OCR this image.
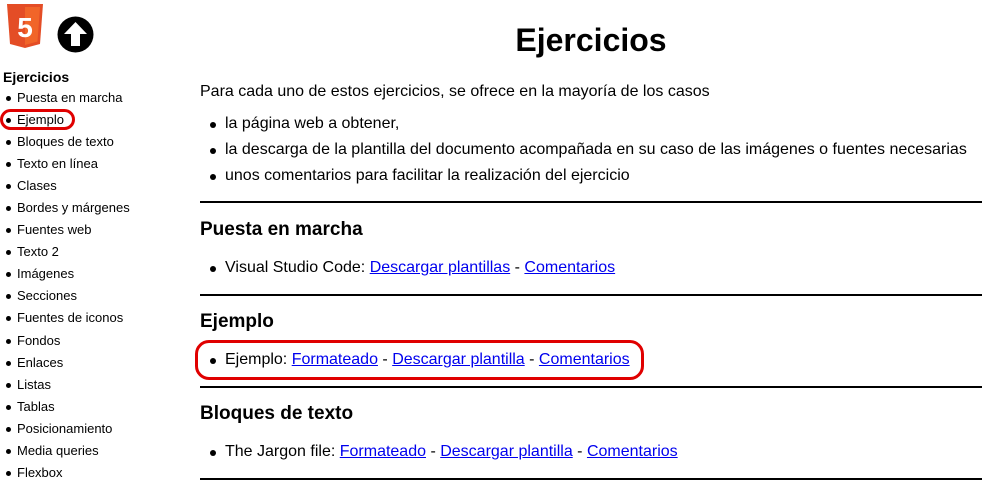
5
Ejercicios
Puesta en marcha
Ejemplo
Bloques de texto
Texto en línea
Clases
Bordes y márgenes
Fuentes web
Texto 2
Imágenes
Secciones
Fuentes de iconos
Fondos
Enlaces
Listas
Tablas
Posicionamiento
Media queries
Flexbox
Ejercicios

Para cada uno de estos ejercicios, se ofrece en la mayoría de los casos

la página web a obtener,
la descarga de la plantilla del documento acompañada en su caso de las imágenes o fuentes necesarias
unos comentarios para facilitar la realización del ejercicio
Puesta en marcha
Visual Studio Code: Descargar plantillas - Comentarios
Ejemplo
Ejemplo: Formateado - Descargar plantilla - Comentarios
Bloques de texto
The Jargon file: Formateado - Descargar plantilla - Comentarios
